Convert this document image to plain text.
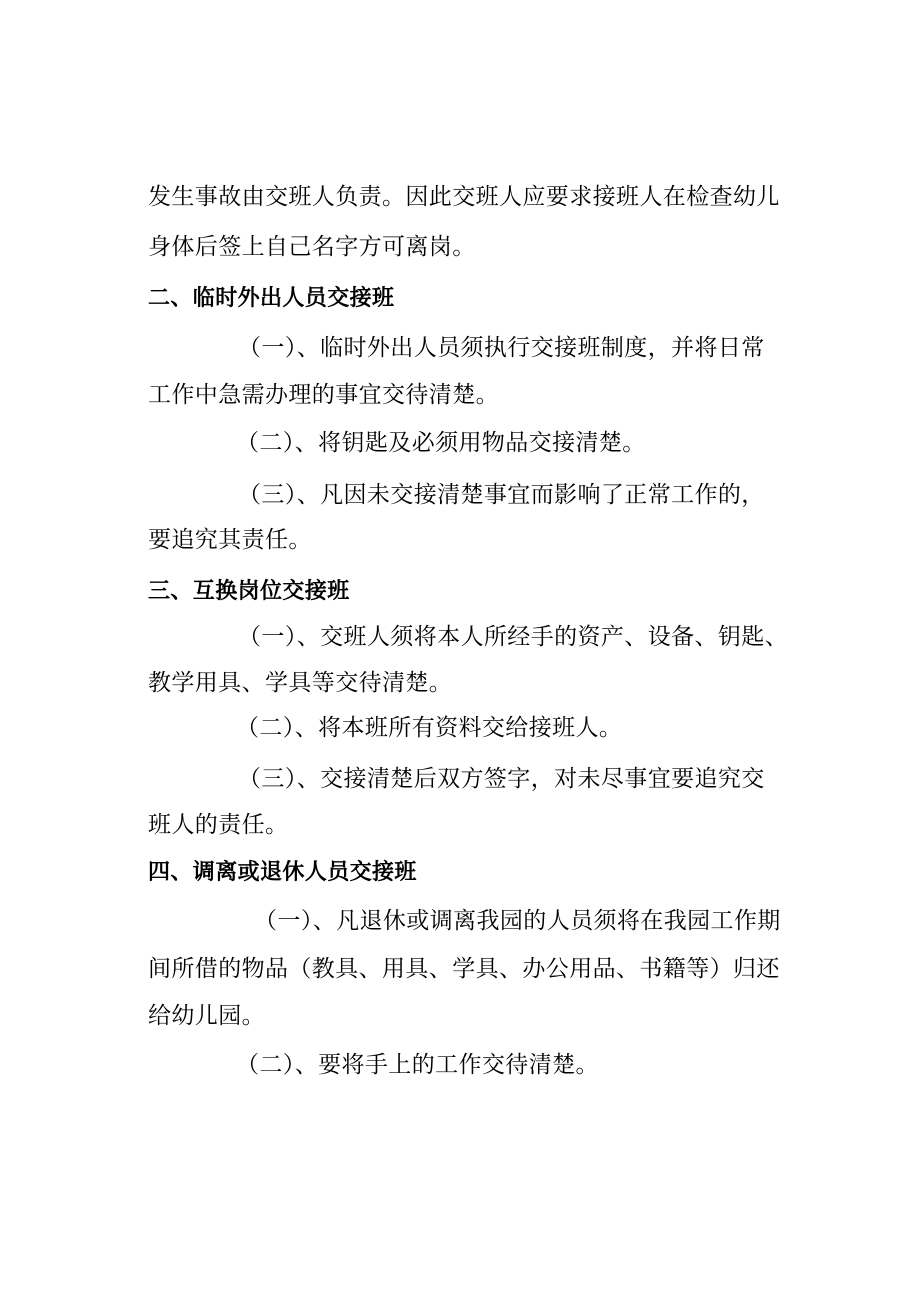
发生事故由交班人负责。因此交班人应要求接班人在检查幼儿
身体后签上自己名字方可离岗。
二、临时外出人员交接班
（一）、临时外出人员须执行交接班制度，并将日常
工作中急需办理的事宜交待清楚。
（二）、将钥匙及必须用物品交接清楚。
（三）、凡因未交接清楚事宜而影响了正常工作的，
要追究其责任。
三、互换岗位交接班
（一）、交班人须将本人所经手的资产、设备、钥匙、
教学用具、学具等交待清楚。
（二）、将本班所有资料交给接班人。
（三）、交接清楚后双方签字，对未尽事宜要追究交
班人的责任。
四、调离或退休人员交接班
（一）、凡退休或调离我园的人员须将在我园工作期
间所借的物品（教具、用具、学具、办公用品、书籍等）归还
给幼儿园。
（二）、要将手上的工作交待清楚。
